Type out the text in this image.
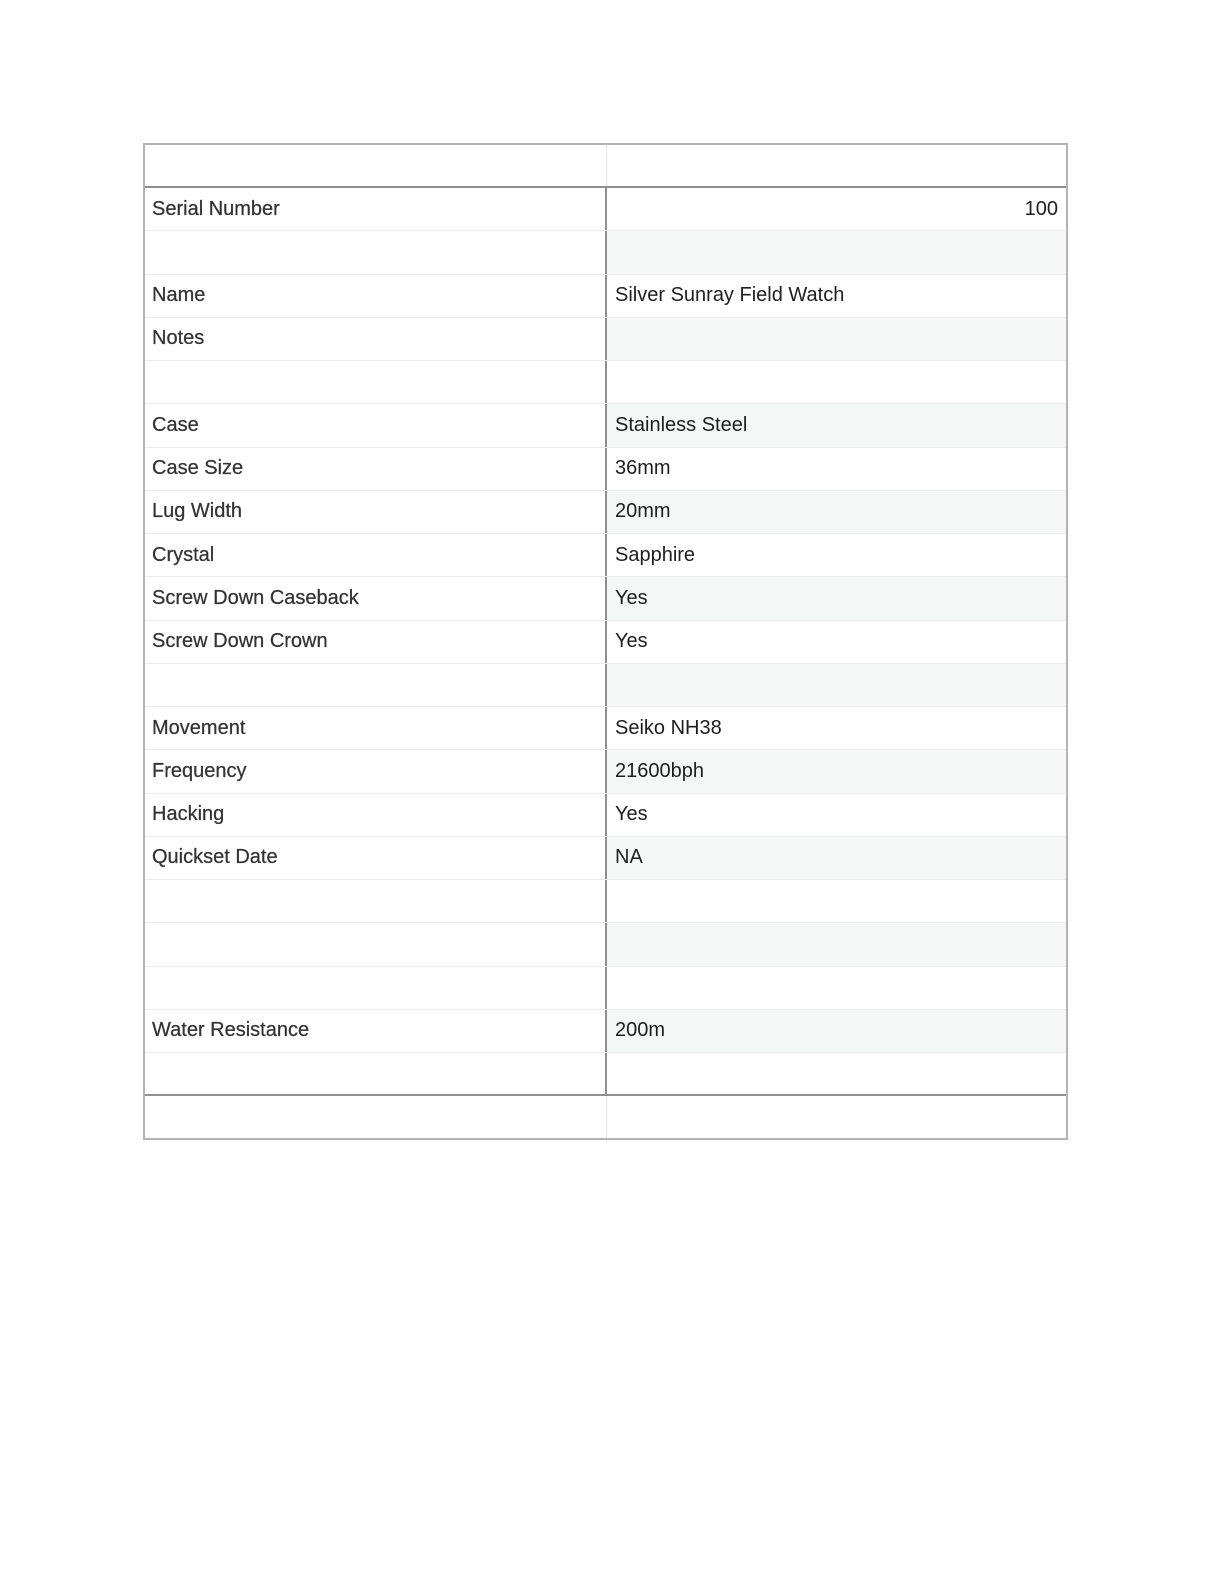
Serial Number	100
Name	Silver Sunray Field Watch
Notes
Case	Stainless Steel
Case Size	36mm
Lug Width	20mm
Crystal	Sapphire
Screw Down Caseback	Yes
Screw Down Crown	Yes
Movement	Seiko NH38
Frequency	21600bph
Hacking	Yes
Quickset Date	NA
Water Resistance	200m
